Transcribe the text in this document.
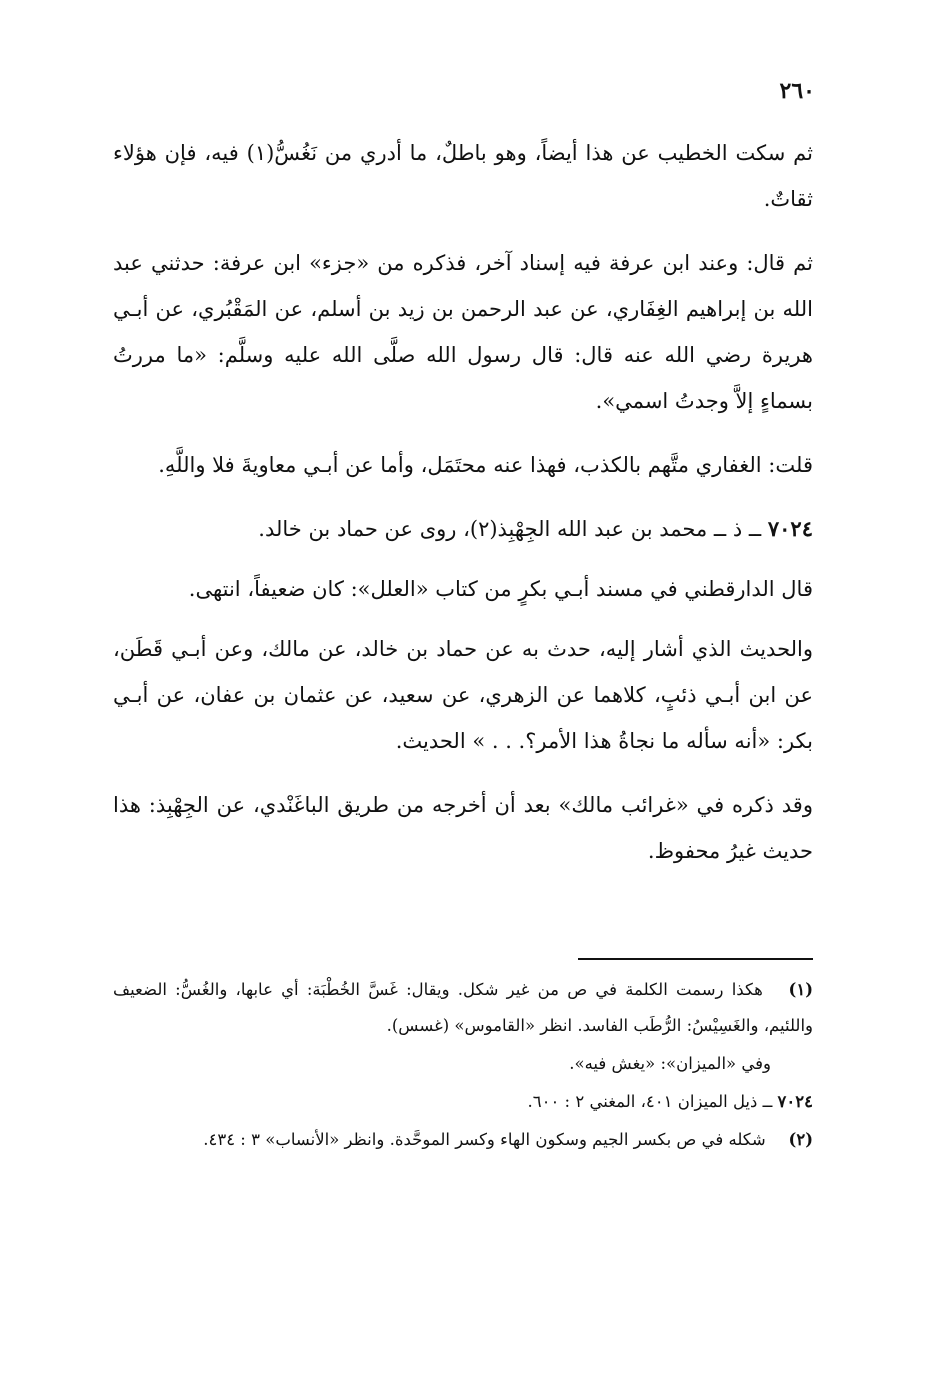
٢٦٠

ثم سكت الخطيب عن هذا أيضاً، وهو باطلٌ، ما أدري من نَغُسُّ(١) فيه، فإن هؤلاء ثقاتٌ.

ثم قال: وعند ابن عرفة فيه إسناد آخر، فذكره من «جزء» ابن عرفة: حدثني عبد الله بن إبراهيم الغِفَاري، عن عبد الرحمن بن زيد بن أسلم، عن المَقْبُري، عن أبـي هريرة رضي الله عنه قال: قال رسول الله صلَّى الله عليه وسلَّم: «ما مررتُ بسماءٍ إلاَّ وجدتُ اسمي».

قلت: الغفاري متَّهم بالكذب، فهذا عنه محتَمَل، وأما عن أبـي معاويةَ فلا واللَّهِ.

٧٠٢٤ ــ ذ ــ محمد بن عبد الله الجِهْبِذ(٢)، روى عن حماد بن خالد.

قال الدارقطني في مسند أبـي بكرٍ من كتاب «العلل»: كان ضعيفاً، انتهى.

والحديث الذي أشار إليه، حدث به عن حماد بن خالد، عن مالك، وعن أبـي قَطَن، عن ابن أبـي ذئبٍ، كلاهما عن الزهري، عن سعيد، عن عثمان بن عفان، عن أبـي بكر: «أنه سأله ما نجاةُ هذا الأمر؟. . . » الحديث.

وقد ذكره في «غرائب مالك» بعد أن أخرجه من طريق الباغَنْدي، عن الجِهْبِذ: هذا حديث غيرُ محفوظ.

(١) هكذا رسمت الكلمة في ص من غير شكل. ويقال: غَسَّ الخُطْبَة: أي عابها، والغُسُّ: الضعيف واللئيم، والغَسِيْسُ: الرُّطَب الفاسد. انظر «القاموس» (غسس).

وفي «الميزان»: «يغش فيه».

٧٠٢٤ ــ ذيل الميزان ٤٠١، المغني ٢ : ٦٠٠.

(٢) شكله في ص بكسر الجيم وسكون الهاء وكسر الموحَّدة. وانظر «الأنساب» ٣ : ٤٣٤.
